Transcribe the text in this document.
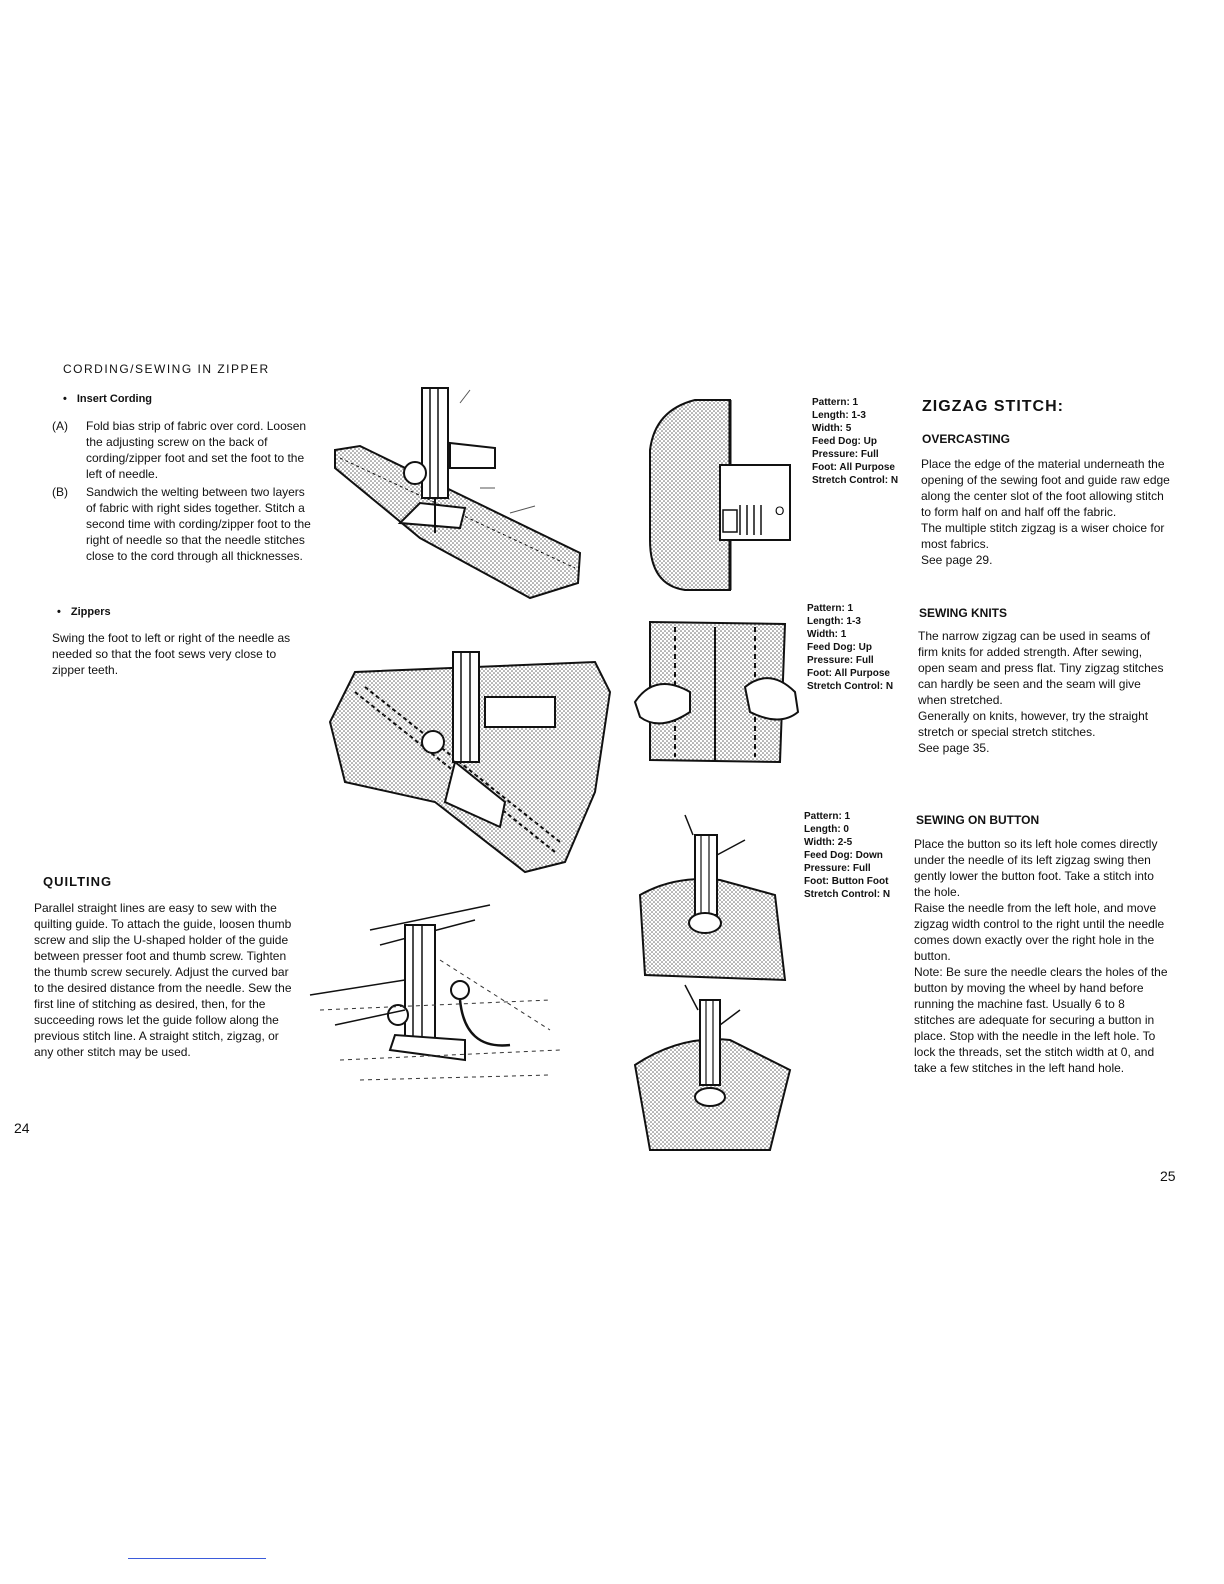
CORDING/SEWING IN ZIPPER
• Insert Cording
(A) Fold bias strip of fabric over cord. Loosen the adjusting screw on the back of cording/zipper foot and set the foot to the left of needle.
(B) Sandwich the welting between two layers of fabric with right sides together. Stitch a second time with cording/zipper foot to the right of needle so that the needle stitches close to the cord through all thicknesses.
• Zippers
Swing the foot to left or right of the needle as needed so that the foot sews very close to zipper teeth.
QUILTING
Parallel straight lines are easy to sew with the quilting guide. To attach the guide, loosen thumb screw and slip the U-shaped holder of the guide between presser foot and thumb screw. Tighten the thumb screw securely. Adjust the curved bar to the desired distance from the needle. Sew the first line of stitching as desired, then, for the succeeding rows let the guide follow along the previous stitch line. A straight stitch, zigzag, or any other stitch may be used.
24
ZIGZAG STITCH:
Pattern: 1
Length: 1-3
Width: 5
Feed Dog: Up
Pressure: Full
Foot: All Purpose
Stretch Control: N
OVERCASTING

Place the edge of the material underneath the opening of the sewing foot and guide raw edge along the center slot of the foot allowing stitch to form half on and half off the fabric.

The multiple stitch zigzag is a wiser choice for most fabrics.

See page 29.

Pattern: 1
Length: 1-3
Width: 1
Feed Dog: Up
Pressure: Full
Foot: All Purpose
Stretch Control: N
SEWING KNITS

The narrow zigzag can be used in seams of firm knits for added strength. After sewing, open seam and press flat. Tiny zigzag stitches can hardly be seen and the seam will give when stretched.

Generally on knits, however, try the straight stretch or special stretch stitches.

See page 35.

Pattern: 1
Length: 0
Width: 2-5
Feed Dog: Down
Pressure: Full
Foot: Button Foot
Stretch Control: N
SEWING ON BUTTON

Place the button so its left hole comes directly under the needle of its left zigzag swing then gently lower the button foot. Take a stitch into the hole.

Raise the needle from the left hole, and move zigzag width control to the right until the needle comes down exactly over the right hole in the button.

Note: Be sure the needle clears the holes of the button by moving the wheel by hand before running the machine fast. Usually 6 to 8 stitches are adequate for securing a button in place. Stop with the needle in the left hole. To lock the threads, set the stitch width at 0, and take a few stitches in the left hand hole.

25
O
